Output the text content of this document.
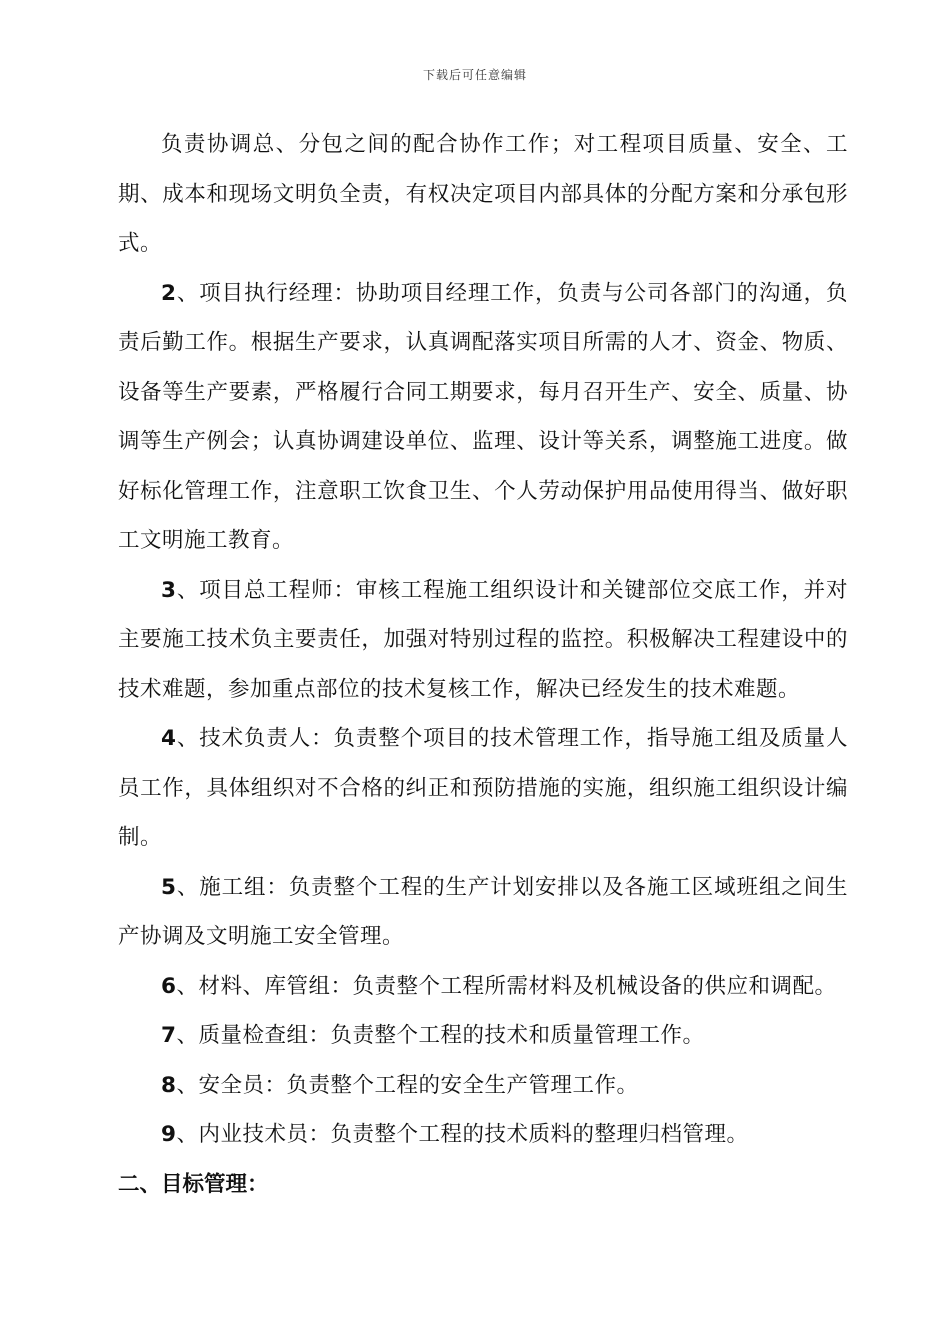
下载后可任意编辑

负责协调总、分包之间的配合协作工作；对工程项目质量、安全、工期、成本和现场文明负全责，有权决定项目内部具体的分配方案和分承包形式。

2、项目执行经理：协助项目经理工作，负责与公司各部门的沟通，负责后勤工作。根据生产要求，认真调配落实项目所需的人才、资金、物质、设备等生产要素，严格履行合同工期要求，每月召开生产、安全、质量、协调等生产例会；认真协调建设单位、监理、设计等关系，调整施工进度。做好标化管理工作，注意职工饮食卫生、个人劳动保护用品使用得当、做好职工文明施工教育。

3、项目总工程师：审核工程施工组织设计和关键部位交底工作，并对主要施工技术负主要责任，加强对特别过程的监控。积极解决工程建设中的技术难题，参加重点部位的技术复核工作，解决已经发生的技术难题。

4、技术负责人：负责整个项目的技术管理工作，指导施工组及质量人员工作，具体组织对不合格的纠正和预防措施的实施，组织施工组织设计编制。

5、施工组：负责整个工程的生产计划安排以及各施工区域班组之间生产协调及文明施工安全管理。

6、材料、库管组：负责整个工程所需材料及机械设备的供应和调配。

7、质量检查组：负责整个工程的技术和质量管理工作。

8、安全员：负责整个工程的安全生产管理工作。

9、内业技术员：负责整个工程的技术质料的整理归档管理。

二、目标管理：
